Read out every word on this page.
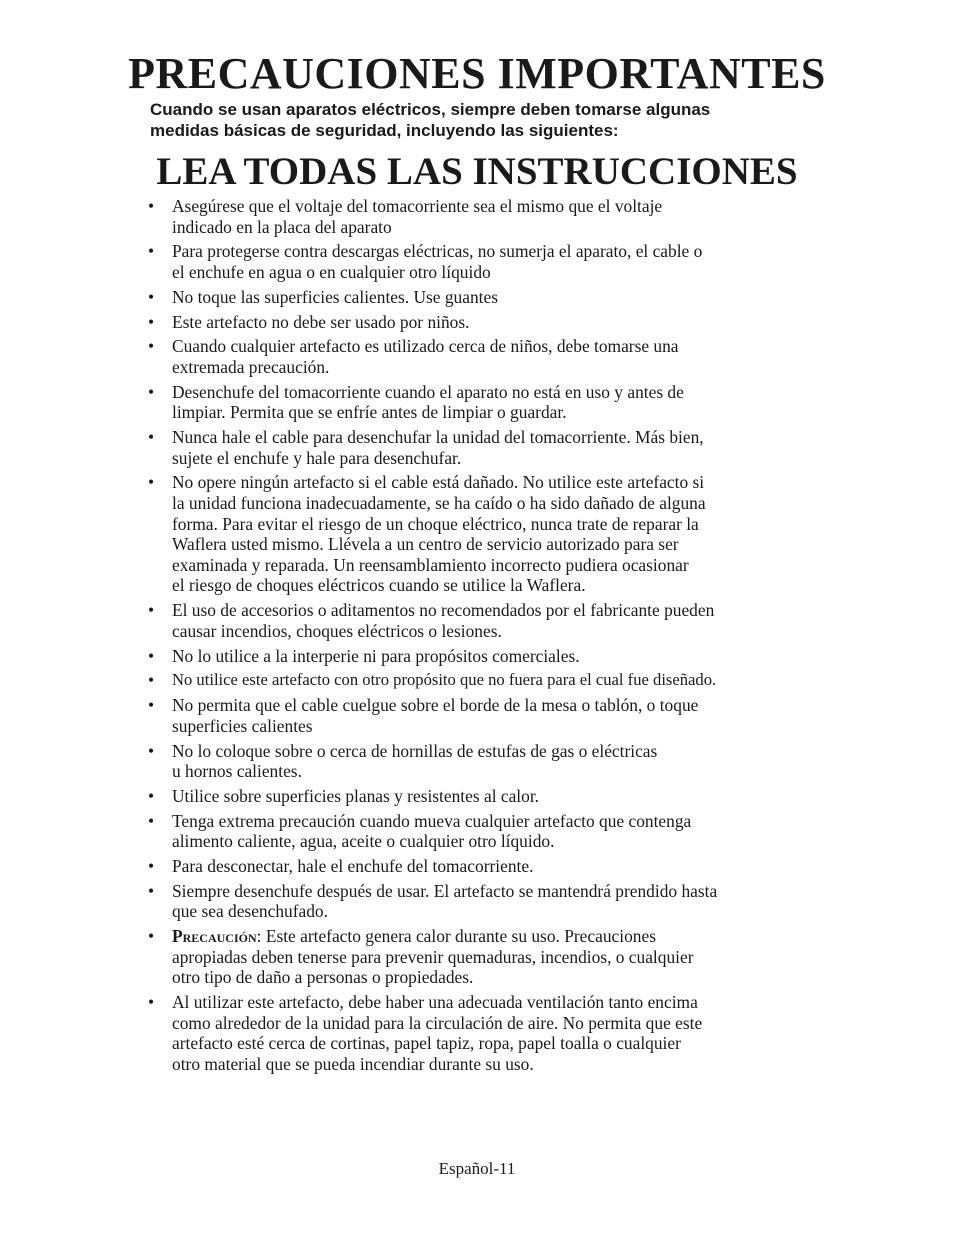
PRECAUCIONES IMPORTANTES

Cuando se usan aparatos eléctricos, siempre deben tomarse algunas
medidas básicas de seguridad, incluyendo las siguientes:

LEA TODAS LAS INSTRUCCIONES
• Asegúrese que el voltaje del tomacorriente sea el mismo que el voltaje
indicado en la placa del aparato
• Para protegerse contra descargas eléctricas, no sumerja el aparato, el cable o
el enchufe en agua o en cualquier otro líquido
• No toque las superficies calientes. Use guantes
• Este artefacto no debe ser usado por niños.
• Cuando cualquier artefacto es utilizado cerca de niños, debe tomarse una
extremada precaución.
• Desenchufe del tomacorriente cuando el aparato no está en uso y antes de
limpiar. Permita que se enfríe antes de limpiar o guardar.
• Nunca hale el cable para desenchufar la unidad del tomacorriente. Más bien,
sujete el enchufe y hale para desenchufar.
• No opere ningún artefacto si el cable está dañado. No utilice este artefacto si
la unidad funciona inadecuadamente, se ha caído o ha sido dañado de alguna
forma. Para evitar el riesgo de un choque eléctrico, nunca trate de reparar la
Waflera usted mismo. Llévela a un centro de servicio autorizado para ser
examinada y reparada. Un reensamblamiento incorrecto pudiera ocasionar
el riesgo de choques eléctricos cuando se utilice la Waflera.
• El uso de accesorios o aditamentos no recomendados por el fabricante pueden
causar incendios, choques eléctricos o lesiones.
• No lo utilice a la interperie ni para propósitos comerciales.
• No utilice este artefacto con otro propósito que no fuera para el cual fue diseñado.
• No permita que el cable cuelgue sobre el borde de la mesa o tablón, o toque
superficies calientes
• No lo coloque sobre o cerca de hornillas de estufas de gas o eléctricas
u hornos calientes.
• Utilice sobre superficies planas y resistentes al calor.
• Tenga extrema precaución cuando mueva cualquier artefacto que contenga
alimento caliente, agua, aceite o cualquier otro líquido.
• Para desconectar, hale el enchufe del tomacorriente.
• Siempre desenchufe después de usar. El artefacto se mantendrá prendido hasta
que sea desenchufado.
• Precaución: Este artefacto genera calor durante su uso. Precauciones
apropiadas deben tenerse para prevenir quemaduras, incendios, o cualquier
otro tipo de daño a personas o propiedades.
• Al utilizar este artefacto, debe haber una adecuada ventilación tanto encima
como alrededor de la unidad para la circulación de aire. No permita que este
artefacto esté cerca de cortinas, papel tapiz, ropa, papel toalla o cualquier
otro material que se pueda incendiar durante su uso.
Español-11
